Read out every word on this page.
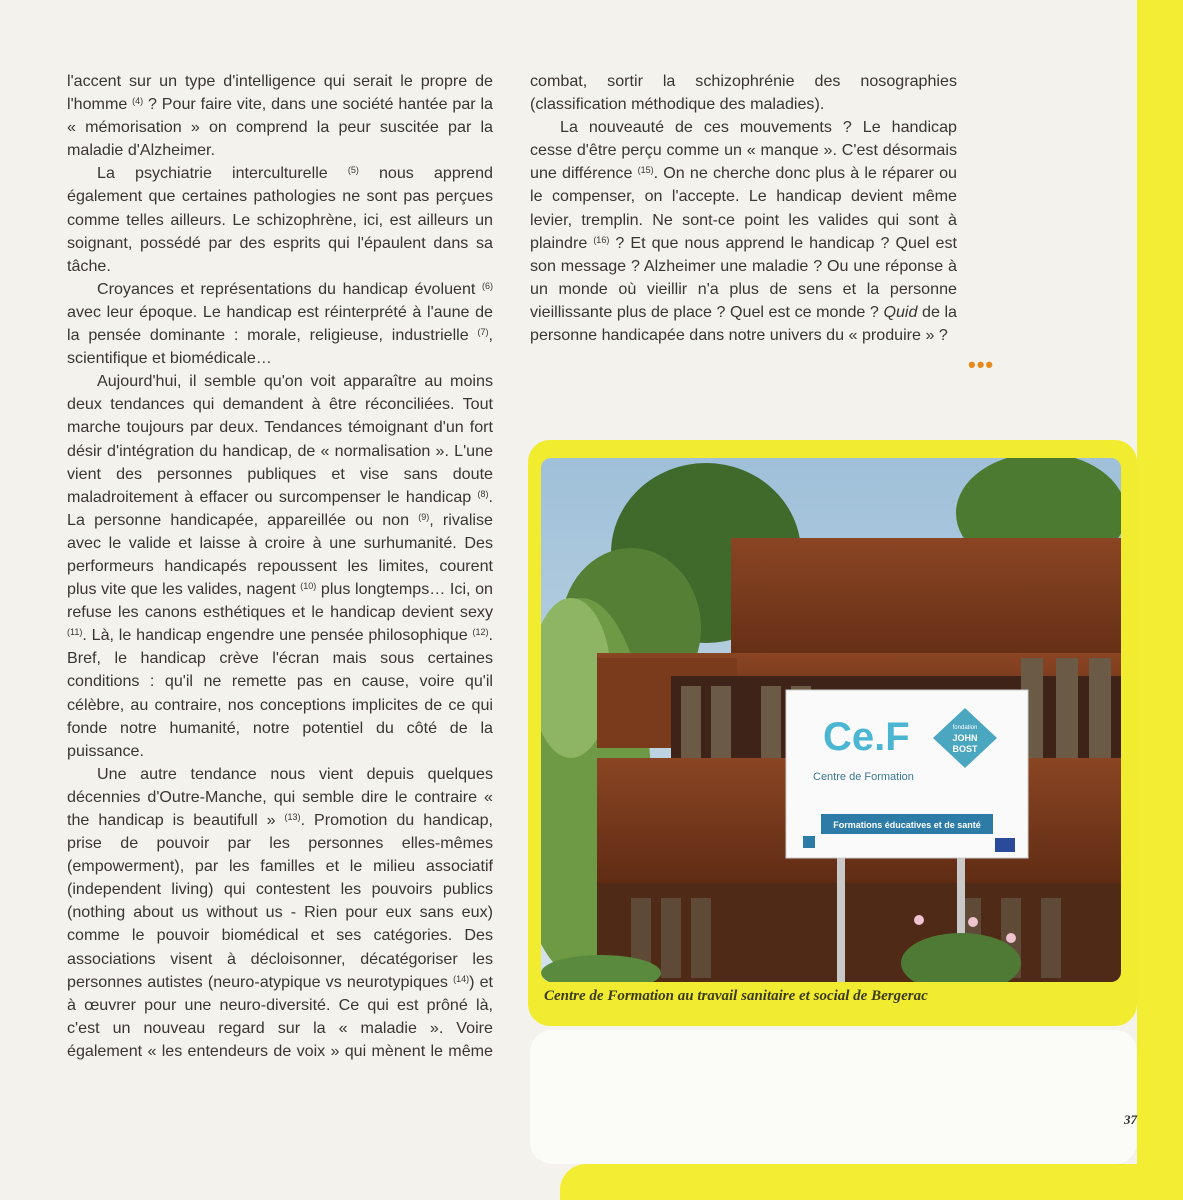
l'accent sur un type d'intelligence qui serait le propre de l'homme $^{(4)}$ ? Pour faire vite, dans une société hantée par la « mémorisation » on comprend la peur suscitée par la maladie d'Alzheimer.

La psychiatrie interculturelle $^{(5)}$ nous apprend également que certaines pathologies ne sont pas perçues comme telles ailleurs. Le schizophrène, ici, est ailleurs un soignant, possédé par des esprits qui l'épaulent dans sa tâche.

Croyances et représentations du handicap évoluent $^{(6)}$ avec leur époque. Le handicap est réinterprété à l'aune de la pensée dominante : morale, religieuse, industrielle $^{(7)}$, scientifique et biomédicale…

Aujourd'hui, il semble qu'on voit apparaître au moins deux tendances qui demandent à être réconciliées. Tout marche toujours par deux. Tendances témoignant d'un fort désir d'intégration du handicap, de « normalisation ». L'une vient des personnes publiques et vise sans doute maladroitement à effacer ou surcompenser le handicap $^{(8)}$. La personne handicapée, appareillée ou non $^{(9)}$, rivalise avec le valide et laisse à croire à une surhumanité. Des performeurs handicapés repoussent les limites, courent plus vite que les valides, nagent $^{(10)}$ plus longtemps… Ici, on refuse les canons esthétiques et le handicap devient sexy $^{(11)}$. Là, le handicap engendre une pensée philosophique $^{(12)}$. Bref, le handicap crève l'écran mais sous certaines conditions : qu'il ne remette pas en cause, voire qu'il célèbre, au contraire, nos conceptions implicites de ce qui fonde notre humanité, notre potentiel du côté de la puissance.

Une autre tendance nous vient depuis quelques décennies d'Outre-Manche, qui semble dire le contraire « the handicap is beautifull » $^{(13)}$. Promotion du handicap, prise de pouvoir par les personnes elles-mêmes (empowerment), par les familles et le milieu associatif (independent living) qui contestent les pouvoirs publics (nothing about us without us - Rien pour eux sans eux) comme le pouvoir biomédical et ses catégories. Des associations visent à décloisonner, décatégoriser les personnes autistes (neuro-atypique vs neurotypiques $^{(14)}$) et à œuvrer pour une neuro-diversité. Ce qui est prôné là, c'est un nouveau regard sur la « maladie ». Voire également « les entendeurs de voix » qui mènent le même

combat, sortir la schizophrénie des nosographies (classification méthodique des maladies).

La nouveauté de ces mouvements ? Le handicap cesse d'être perçu comme un « manque ». C'est désormais une différence $^{(15)}$. On ne cherche donc plus à le réparer ou le compenser, on l'accepte. Le handicap devient même levier, tremplin. Ne sont-ce point les valides qui sont à plaindre $^{(16)}$ ? Et que nous apprend le handicap ? Quel est son message ? Alzheimer une maladie ? Ou une réponse à un monde où vieillir n'a plus de sens et la personne vieillissante plus de place ? Quel est ce monde ? Quid de la personne handicapée dans notre univers du « produire » ?

•••
Ce.F
Centre de Formation
fondation
JOHN
BOST
Formations éducatives et de santé
Centre de Formation au travail sanitaire et social de Bergerac
37
